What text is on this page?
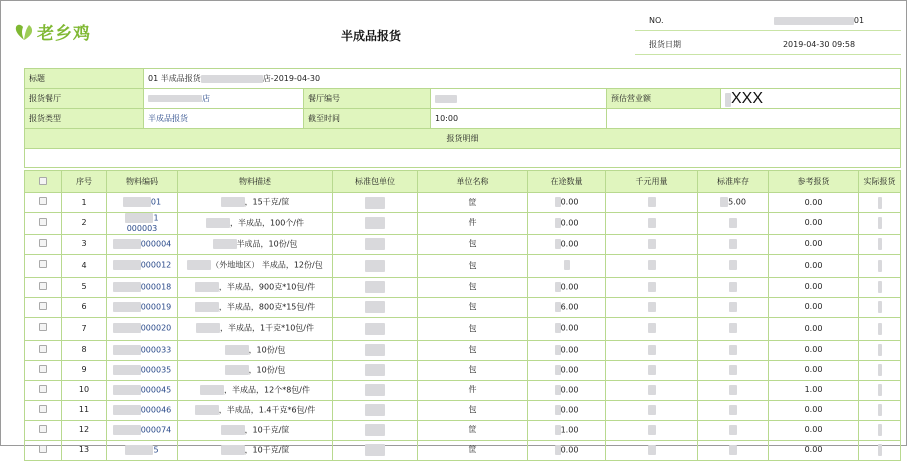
老乡鸡	半成品报货
NO.	01
报货日期	2019-04-30 09:58
标题	01 半成品报货 店-2019-04-30				
报货餐厅	店	餐厅编号		预估营业额	XXX
报货类型	半成品报货	截至时间	10:00		
报货明细					

	序号	物料编码	物料描述	标准包单位	单位名称	在途数量	千元用量	标准库存	参考报货	实际报货
	1	01	，15千克/筐		筐	0.00		5.00	0.00	
	2	1 000003	，半成品，100个/件		件	0.00			0.00	
	3	000004	半成品，10份/包		包	0.00			0.00	
	4	000012	（外地地区） 半成品，12份/包		包				0.00	
	5	000018	，半成品，900克*10包/件		包	0.00			0.00	
	6	000019	，半成品，800克*15包/件		包	6.00			0.00	
	7	000020	，半成品，1千克*10包/件		包	0.00			0.00	
	8	000033	，10份/包		包	0.00			0.00	
	9	000035	，10份/包		包	0.00			0.00	
	10	000045	，半成品，12个*8包/件		件	0.00			1.00	
	11	000046	，半成品，1.4千克*6包/件		包	0.00			0.00	
	12	000074	，10千克/筐		筐	1.00			0.00	
	13	5	，10千克/筐		筐	0.00			0.00	
